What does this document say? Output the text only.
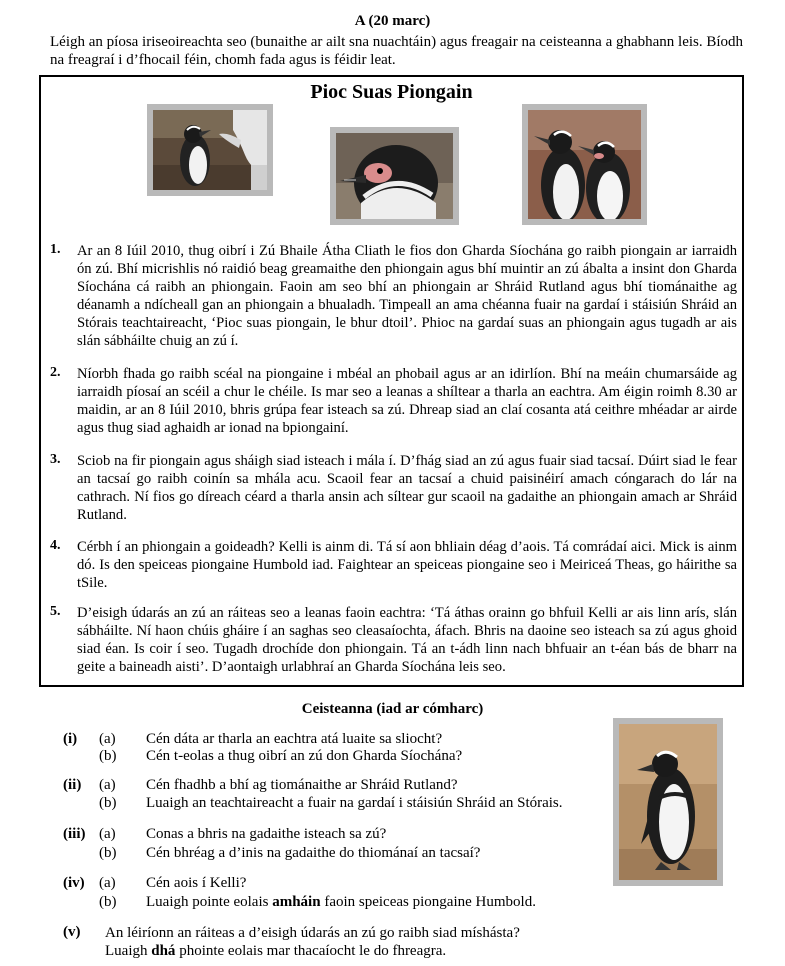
A (20 marc)
Léigh an píosa iriseoireachta seo (bunaithe ar ailt sna nuachtáin) agus freagair na ceisteanna a ghabhann leis. Bíodh na freagraí i d’fhocail féin, chomh fada agus is féidir leat.
Pioc Suas Piongain
1. Ar an 8 Iúil 2010, thug oibrí i Zú Bhaile Átha Cliath le fios don Gharda Síochána go raibh piongain ar iarraidh ón zú. Bhí micrishlis nó raidió beag greamaithe den phiongain agus bhí muintir an zú ábalta a insint don Gharda Síochána cá raibh an phiongain. Faoin am seo bhí an phiongain ar Shráid Rutland agus bhí tiománaithe ag déanamh a ndícheall gan an phiongain a bhualadh. Timpeall an ama chéanna fuair na gardaí i stáisiún Shráid an Stórais teachtaireacht, ‘Pioc suas piongain, le bhur dtoil’. Phioc na gardaí suas an phiongain agus tugadh ar ais slán sábháilte chuig an zú í.
2. Níorbh fhada go raibh scéal na piongaine i mbéal an phobail agus ar an idirlíon. Bhí na meáin chumarsáide ag iarraidh píosaí an scéil a chur le chéile. Is mar seo a leanas a shíltear a tharla an eachtra. Am éigin roimh 8.30 ar maidin, ar an 8 Iúil 2010, bhris grúpa fear isteach sa zú. Dhreap siad an claí cosanta atá ceithre mhéadar ar airde agus thug siad aghaidh ar ionad na bpiongainí.
3. Sciob na fir piongain agus sháigh siad isteach i mála í. D’fhág siad an zú agus fuair siad tacsaí. Dúirt siad le fear an tacsaí go raibh coinín sa mhála acu. Scaoil fear an tacsaí a chuid paisinéirí amach cóngarach do lár na cathrach. Ní fios go díreach céard a tharla ansin ach síltear gur scaoil na gadaithe an phiongain amach ar Shráid Rutland.
4. Cérbh í an phiongain a goideadh? Kelli is ainm di. Tá sí aon bhliain déag d’aois. Tá comrádaí aici. Mick is ainm dó. Is den speiceas piongaine Humbold iad. Faightear an speiceas piongaine seo i Meiriceá Theas, go háirithe sa tSile.
5. D’eisigh údarás an zú an ráiteas seo a leanas faoin eachtra: ‘Tá áthas orainn go bhfuil Kelli ar ais linn arís, slán sábháilte. Ní haon chúis gháire í an saghas seo cleasaíochta, áfach. Bhris na daoine seo isteach sa zú agus ghoid siad éan. Is coir í seo. Tugadh drochíde don phiongain. Tá an t-ádh linn nach bhfuair an t-éan bás de bharr na geite a baineadh aisti’. D’aontaigh urlabhraí an Gharda Síochána leis seo.
Ceisteanna (iad ar cómharc)
(i) (a) Cén dáta ar tharla an eachtra atá luaite sa sliocht?
(b) Cén t-eolas a thug oibrí an zú don Gharda Síochána?
(ii) (a) Cén fhadhb a bhí ag tiománaithe ar Shráid Rutland?
(b) Luaigh an teachtaireacht a fuair na gardaí i stáisiún Shráid an Stórais.
(iii) (a) Conas a bhris na gadaithe isteach sa zú?
(b) Cén bhréag a d’inis na gadaithe do thiománaí an tacsaí?
(iv) (a) Cén aois í Kelli?
(b) Luaigh pointe eolais amháin faoin speiceas piongaine Humbold.
(v) An léiríonn an ráiteas a d’eisigh údarás an zú go raibh siad míshásta?
Luaigh dhá phointe eolais mar thacaíocht le do fhreagra.
